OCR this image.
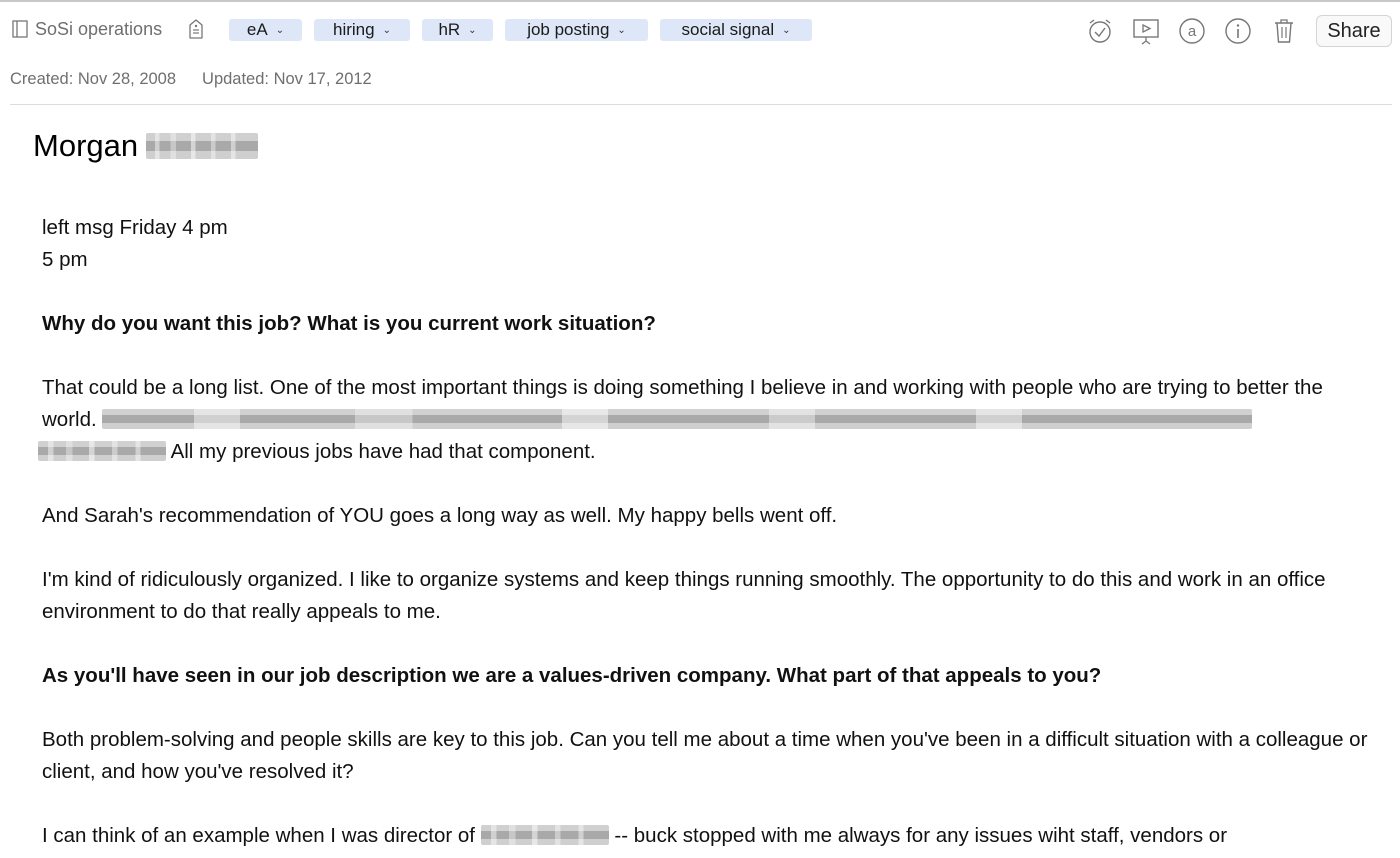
SoSi operations	eA ⌄	hiring ⌄	hR ⌄	job posting ⌄	social signal ⌄	a	Share
Created: Nov 28, 2008 Updated: Nov 17, 2012
Morgan

left msg Friday 4 pm

5 pm

Why do you want this job? What is you current work situation?

That could be a long list. One of the most important things is doing something I believe in and working with people who are trying to better the world.   All my previous jobs have had that component.

And Sarah's recommendation of YOU goes a long way as well. My happy bells went off.

I'm kind of ridiculously organized. I like to organize systems and keep things running smoothly. The opportunity to do this and work in an office environment to do that really appeals to me.

As you'll have seen in our job description we are a values-driven company. What part of that appeals to you?

Both problem-solving and people skills are key to this job. Can you tell me about a time when you've been in a difficult situation with a colleague or client, and how you've resolved it?

I can think of an example when I was director of	-- buck stopped with me always for any issues wiht staff, vendors or
